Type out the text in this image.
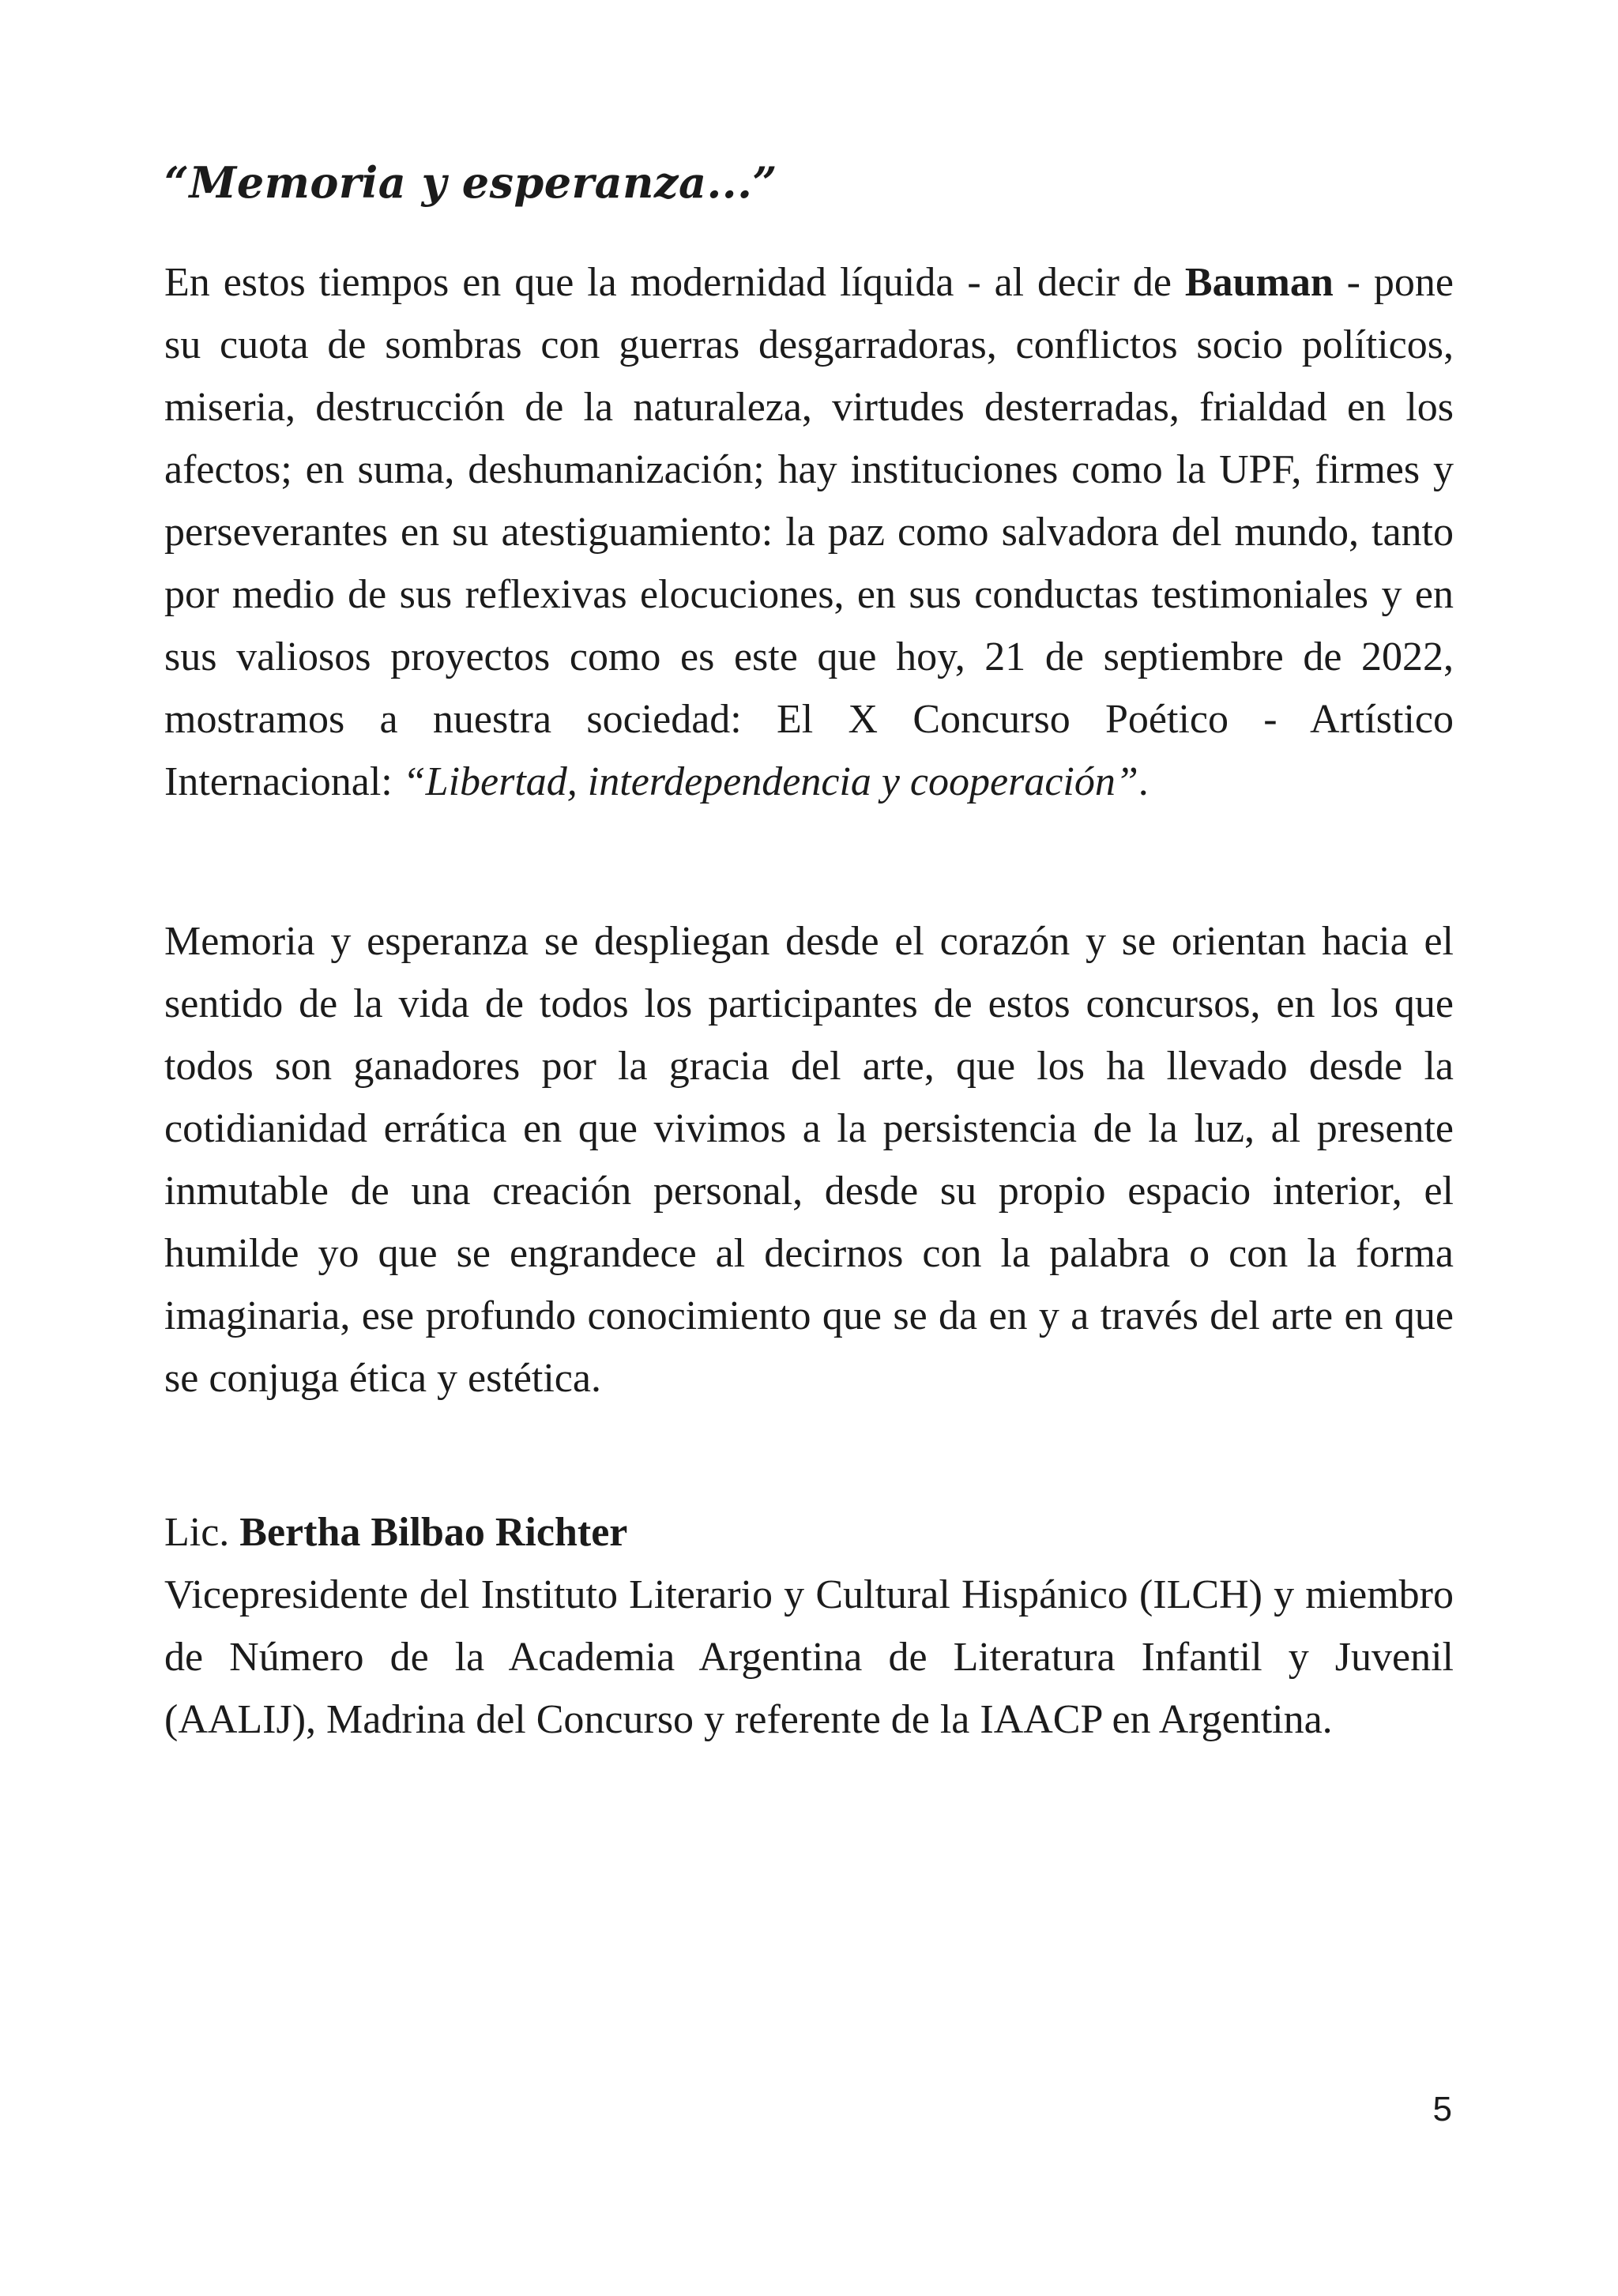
“Memoria y esperanza...”

En estos tiempos en que la modernidad líquida - al decir de Bauman - pone su cuota de sombras con guerras desgarradoras, conflictos socio políticos, miseria, destrucción de la naturaleza, virtudes desterradas, frialdad en los afectos; en suma, deshumanización; hay instituciones como la UPF, firmes y perseverantes en su atestiguamiento: la paz como salvadora del mundo, tanto por medio de sus reflexivas elocuciones, en sus conductas testimoniales y en sus valiosos proyectos como es este que hoy, 21 de septiembre de 2022, mostramos a nuestra sociedad: El X Concurso Poético - Artístico Internacional: “Libertad, interdependencia y cooperación”.

Memoria y esperanza se despliegan desde el corazón y se orientan hacia el sentido de la vida de todos los participantes de estos concursos, en los que todos son ganadores por la gracia del arte, que los ha llevado desde la cotidianidad errática en que vivimos a la persistencia de la luz, al presente inmutable de una creación personal, desde su propio espacio interior, el humilde yo que se engrandece al decirnos con la palabra o con la forma imaginaria, ese profundo conocimiento que se da en y a través del arte en que se conjuga ética y estética.

Lic. Bertha Bilbao Richter
Vicepresidente del Instituto Literario y Cultural Hispánico (ILCH) y miembro de Número de la Academia Argentina de Literatura Infantil y Juvenil (AALIJ), Madrina del Concurso y referente de la IAACP en Argentina.
5
